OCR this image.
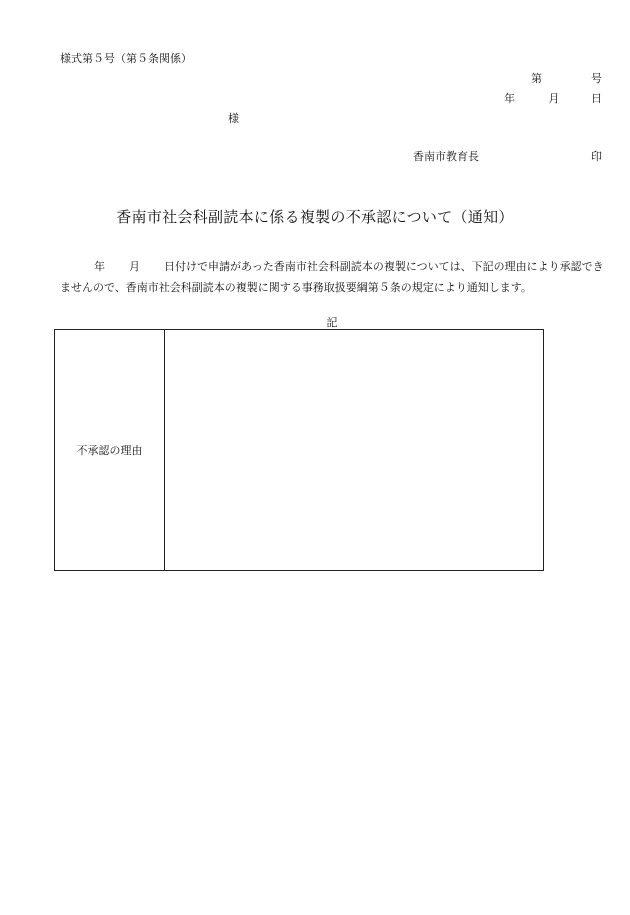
様式第５号（第５条関係）
第	号
年	月	日
様
香南市教育長	印
香南市社会科副読本に係る複製の不承認について（通知）
年 月 日付けで申請があった香南市社会科副読本の複製については、下記の理由により承認できませんので、香南市社会科副読本の複製に関する事務取扱要綱第５条の規定により通知します。
記
不承認の理由
